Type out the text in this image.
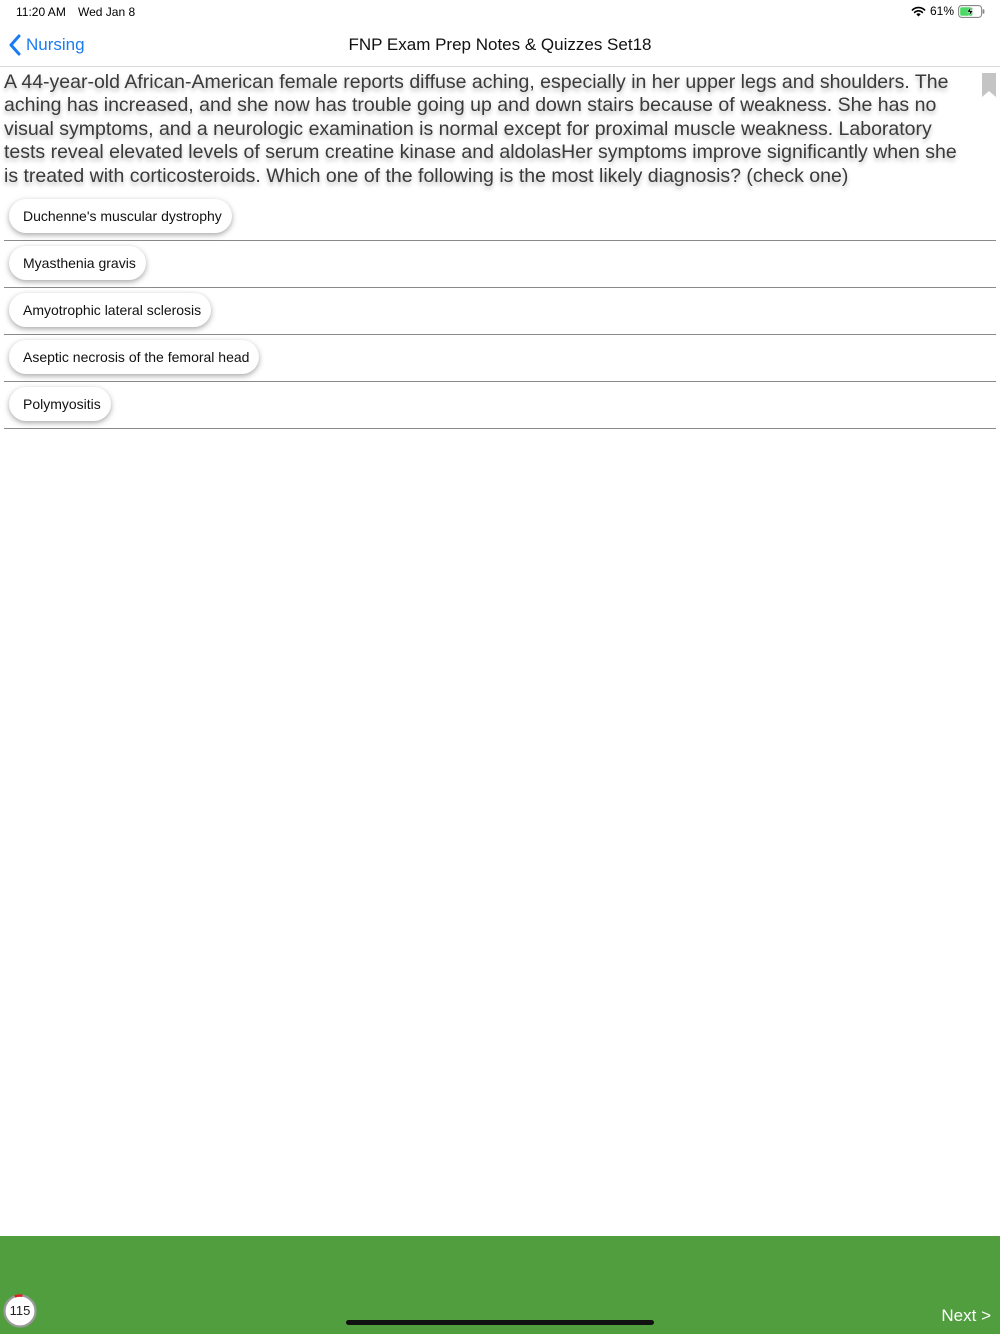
11:20 AM Wed Jan 8	61%
Nursing	FNP Exam Prep Notes & Quizzes Set18
A 44-year-old African-American female reports diffuse aching, especially in her upper legs and shoulders. The aching has increased, and she now has trouble going up and down stairs because of weakness. She has no visual symptoms, and a neurologic examination is normal except for proximal muscle weakness. Laboratory tests reveal elevated levels of serum creatine kinase and aldolasHer symptoms improve significantly when she is treated with corticosteroids. Which one of the following is the most likely diagnosis? (check one)
Duchenne's muscular dystrophy
Myasthenia gravis
Amyotrophic lateral sclerosis
Aseptic necrosis of the femoral head
Polymyositis
115	Next >
